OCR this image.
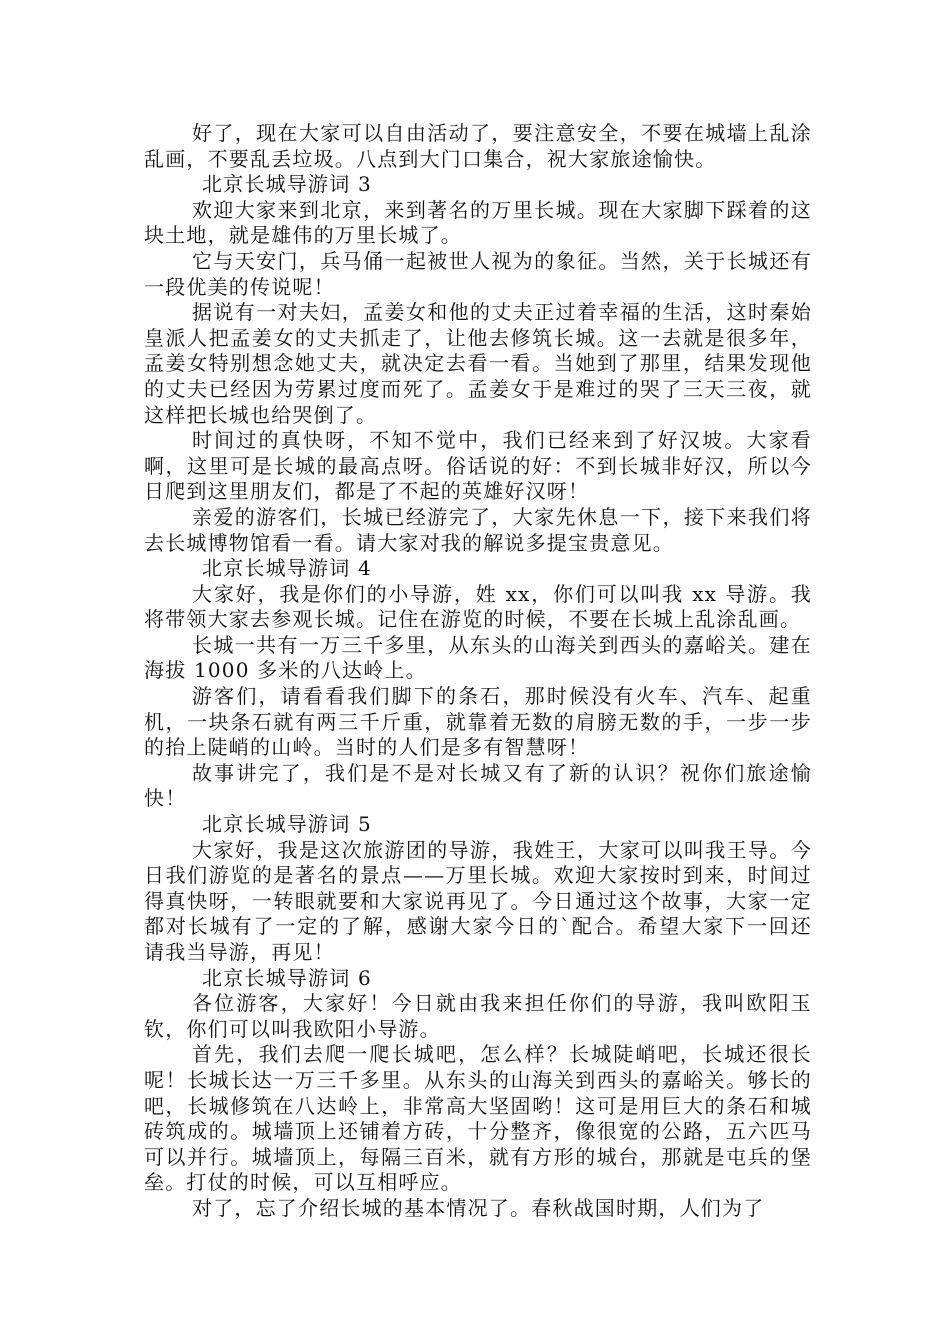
好了，现在大家可以自由活动了，要注意安全，不要在城墙上乱涂乱画，不要乱丢垃圾。八点到大门口集合，祝大家旅途愉快。

北京长城导游词 3

欢迎大家来到北京，来到著名的万里长城。现在大家脚下踩着的这块土地，就是雄伟的万里长城了。

它与天安门，兵马俑一起被世人视为的象征。当然，关于长城还有一段优美的传说呢！

据说有一对夫妇，孟姜女和他的丈夫正过着幸福的生活，这时秦始皇派人把孟姜女的丈夫抓走了，让他去修筑长城。这一去就是很多年，孟姜女特别想念她丈夫，就决定去看一看。当她到了那里，结果发现他的丈夫已经因为劳累过度而死了。孟姜女于是难过的哭了三天三夜，就这样把长城也给哭倒了。

时间过的真快呀，不知不觉中，我们已经来到了好汉坡。大家看啊，这里可是长城的最高点呀。俗话说的好：不到长城非好汉，所以今日爬到这里朋友们，都是了不起的英雄好汉呀！

亲爱的游客们，长城已经游完了，大家先休息一下，接下来我们将去长城博物馆看一看。请大家对我的解说多提宝贵意见。

北京长城导游词 4

大家好，我是你们的小导游，姓 xx，你们可以叫我 xx 导游。我将带领大家去参观长城。记住在游览的时候，不要在长城上乱涂乱画。

长城一共有一万三千多里，从东头的山海关到西头的嘉峪关。建在海拔 1000 多米的八达岭上。

游客们，请看看我们脚下的条石，那时候没有火车、汽车、起重机，一块条石就有两三千斤重，就靠着无数的肩膀无数的手，一步一步的抬上陡峭的山岭。当时的人们是多有智慧呀！

故事讲完了，我们是不是对长城又有了新的认识？祝你们旅途愉快！

北京长城导游词 5

大家好，我是这次旅游团的导游，我姓王，大家可以叫我王导。今日我们游览的是著名的景点——万里长城。欢迎大家按时到来，时间过得真快呀，一转眼就要和大家说再见了。今日通过这个故事，大家一定都对长城有了一定的了解，感谢大家今日的`配合。希望大家下一回还请我当导游，再见！

北京长城导游词 6

各位游客，大家好！今日就由我来担任你们的导游，我叫欧阳玉钦，你们可以叫我欧阳小导游。

首先，我们去爬一爬长城吧，怎么样？长城陡峭吧，长城还很长呢！长城长达一万三千多里。从东头的山海关到西头的嘉峪关。够长的吧，长城修筑在八达岭上，非常高大坚固哟！这可是用巨大的条石和城砖筑成的。城墙顶上还铺着方砖，十分整齐，像很宽的公路，五六匹马可以并行。城墙顶上，每隔三百米，就有方形的城台，那就是屯兵的堡垒。打仗的时候，可以互相呼应。

对了，忘了介绍长城的基本情况了。春秋战国时期，人们为了
